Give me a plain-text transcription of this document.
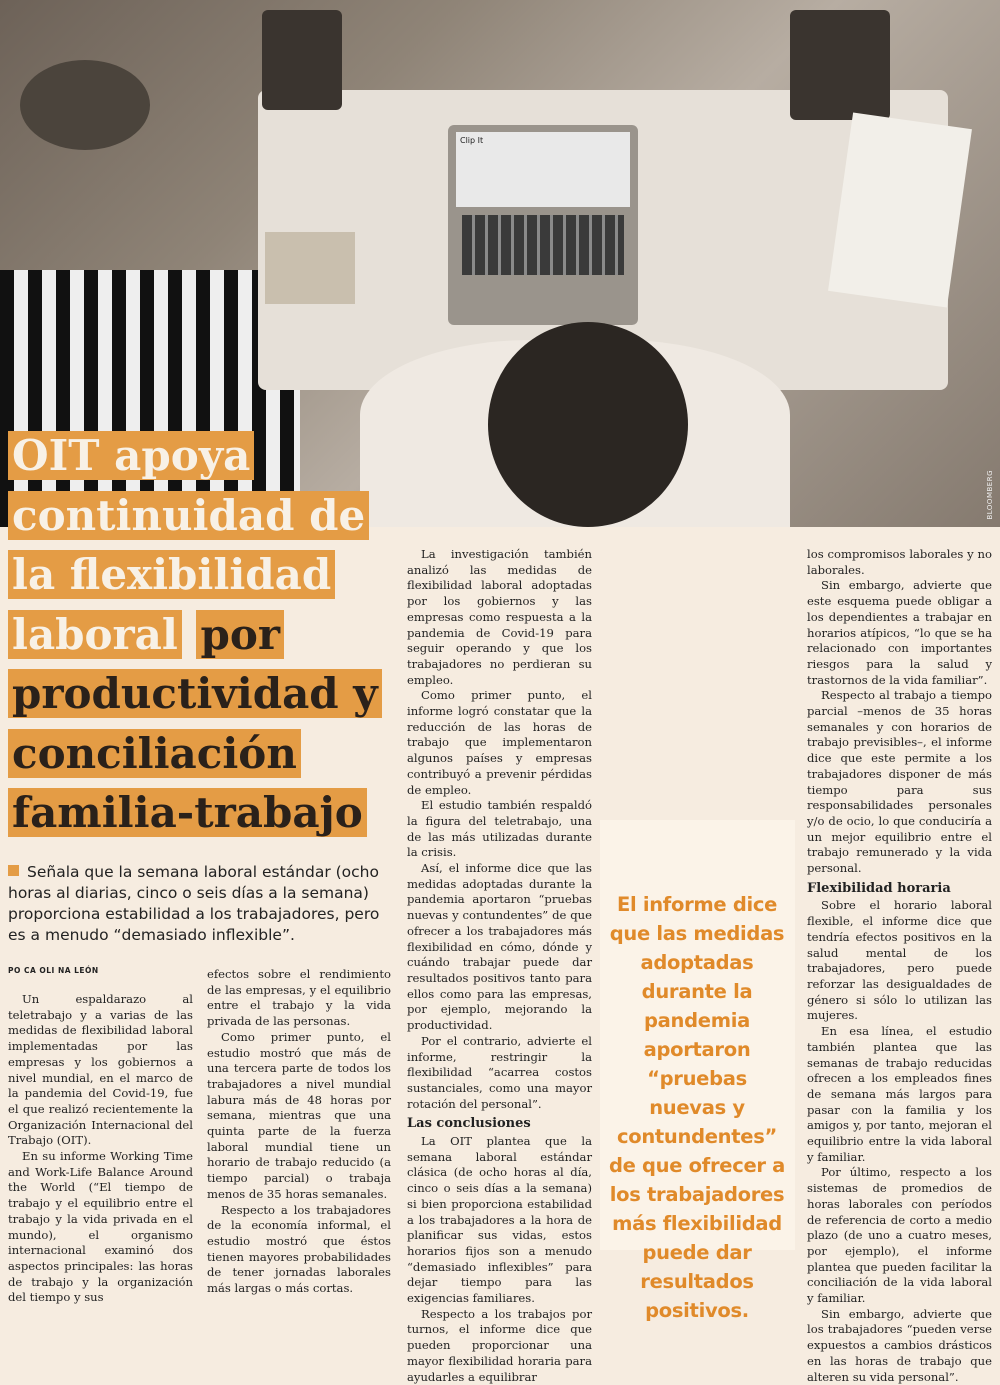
Clip It
BLOOMBERG
OIT apoya continuidad de la flexibilidad laboral por productividad y conciliación familia-trabajo
Señala que la semana laboral estándar (ocho horas al diarias, cinco o seis días a la semana) proporciona estabilidad a los trabajadores, pero es a menudo “demasiado inflexible”.
PO CA OLI NA LEÓN

Un espaldarazo al teletrabajo y a varias de las medidas de flexibilidad laboral implementadas por las empresas y los gobiernos a nivel mundial, en el marco de la pandemia del Covid-19, fue el que realizó recientemente la Organización Internacional del Trabajo (OIT).

En su informe Working Time and Work-Life Balance Around the World (“El tiempo de trabajo y el equilibrio entre el trabajo y la vida privada en el mundo), el organismo internacional examinó dos aspectos principales: las horas de trabajo y la organización del tiempo y sus

efectos sobre el rendimiento de las empresas, y el equilibrio entre el trabajo y la vida privada de las personas.

Como primer punto, el estudio mostró que más de una tercera parte de todos los trabajadores a nivel mundial labura más de 48 horas por semana, mientras que una quinta parte de la fuerza laboral mundial tiene un horario de trabajo reducido (a tiempo parcial) o trabaja menos de 35 horas semanales.

Respecto a los trabajadores de la economía informal, el estudio mostró que éstos tienen mayores probabilidades de tener jornadas laborales más largas o más cortas.

La investigación también analizó las medidas de flexibilidad laboral adoptadas por los gobiernos y las empresas como respuesta a la pandemia de Covid-19 para seguir operando y que los trabajadores no perdieran su empleo.

Como primer punto, el informe logró constatar que la reducción de las horas de trabajo que implementaron algunos países y empresas contribuyó a prevenir pérdidas de empleo.

El estudio también respaldó la figura del teletrabajo, una de las más utilizadas durante la crisis.

Así, el informe dice que las medidas adoptadas durante la pandemia aportaron “pruebas nuevas y contundentes” de que ofrecer a los trabajadores más flexibilidad en cómo, dónde y cuándo trabajar puede dar resultados positivos tanto para ellos como para las empresas, por ejemplo, mejorando la productividad.

Por el contrario, advierte el informe, restringir la flexibilidad “acarrea costos sustanciales, como una mayor rotación del personal”.

Las conclusiones

La OIT plantea que la semana laboral estándar clásica (de ocho horas al día, cinco o seis días a la semana) si bien proporciona estabilidad a los trabajadores a la hora de planificar sus vidas, estos horarios fijos son a menudo “demasiado inflexibles” para dejar tiempo para las exigencias familiares.

Respecto a los trabajos por turnos, el informe dice que pueden proporcionar una mayor flexibilidad horaria para ayudarles a equilibrar

El informe dice que las medidas adoptadas durante la pandemia aportaron “pruebas nuevas y contundentes” de que ofrecer a los trabajadores más flexibilidad puede dar resultados positivos.

los compromisos laborales y no laborales.

Sin embargo, advierte que este esquema puede obligar a los dependientes a trabajar en horarios atípicos, “lo que se ha relacionado con importantes riesgos para la salud y trastornos de la vida familiar”.

Respecto al trabajo a tiempo parcial –menos de 35 horas semanales y con horarios de trabajo previsibles–, el informe dice que este permite a los trabajadores disponer de más tiempo para sus responsabilidades personales y/o de ocio, lo que conduciría a un mejor equilibrio entre el trabajo remunerado y la vida personal.

Flexibilidad horaria

Sobre el horario laboral flexible, el informe dice que tendría efectos positivos en la salud mental de los trabajadores, pero puede reforzar las desigualdades de género si sólo lo utilizan las mujeres.

En esa línea, el estudio también plantea que las semanas de trabajo reducidas ofrecen a los empleados fines de semana más largos para pasar con la familia y los amigos y, por tanto, mejoran el equilibrio entre la vida laboral y familiar.

Por último, respecto a los sistemas de promedios de horas laborales con períodos de referencia de corto a medio plazo (de uno a cuatro meses, por ejemplo), el informe plantea que pueden facilitar la conciliación de la vida laboral y familiar.

Sin embargo, advierte que los trabajadores “pueden verse expuestos a cambios drásticos en las horas de trabajo que alteren su vida personal”.
